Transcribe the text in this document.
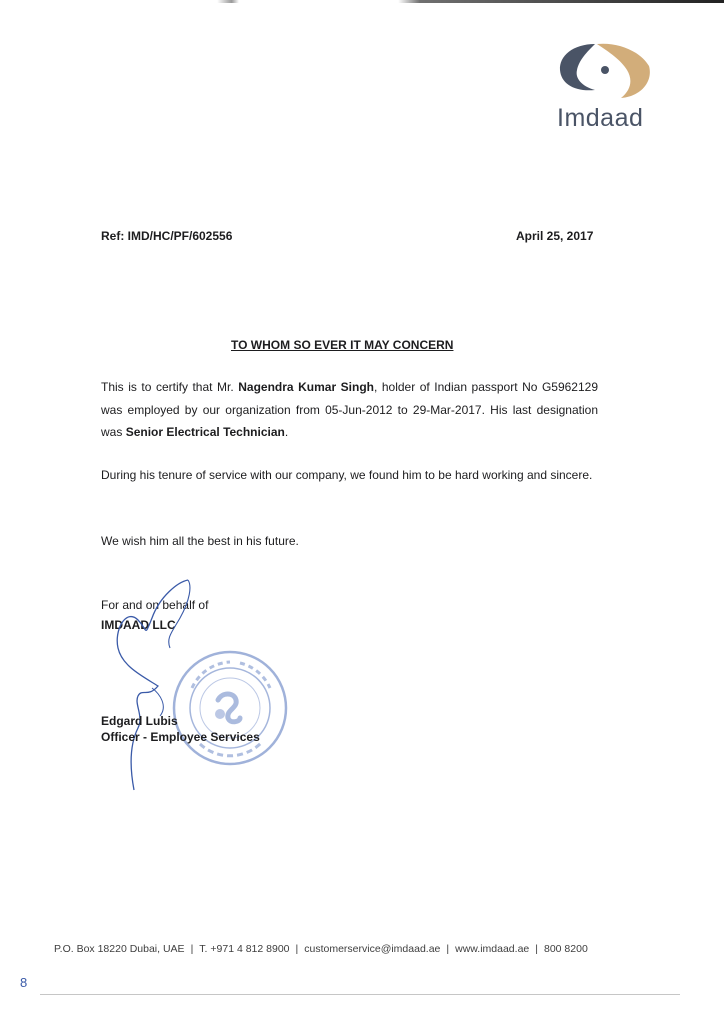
Imdaad
Ref: IMD/HC/PF/602556	April 25, 2017
TO WHOM SO EVER IT MAY CONCERN
This is to certify that Mr. Nagendra Kumar Singh, holder of Indian passport No G5962129 was employed by our organization from 05-Jun-2012 to 29-Mar-2017. His last designation was Senior Electrical Technician.
During his tenure of service with our company, we found him to be hard working and sincere.
We wish him all the best in his future.
For and on behalf of
IMDAAD LLC
Edgard Lubis
Officer - Employee Services
P.O. Box 18220 Dubai, UAE | T. +971 4 812 8900 | customerservice@imdaad.ae | www.imdaad.ae | 800 8200
8
